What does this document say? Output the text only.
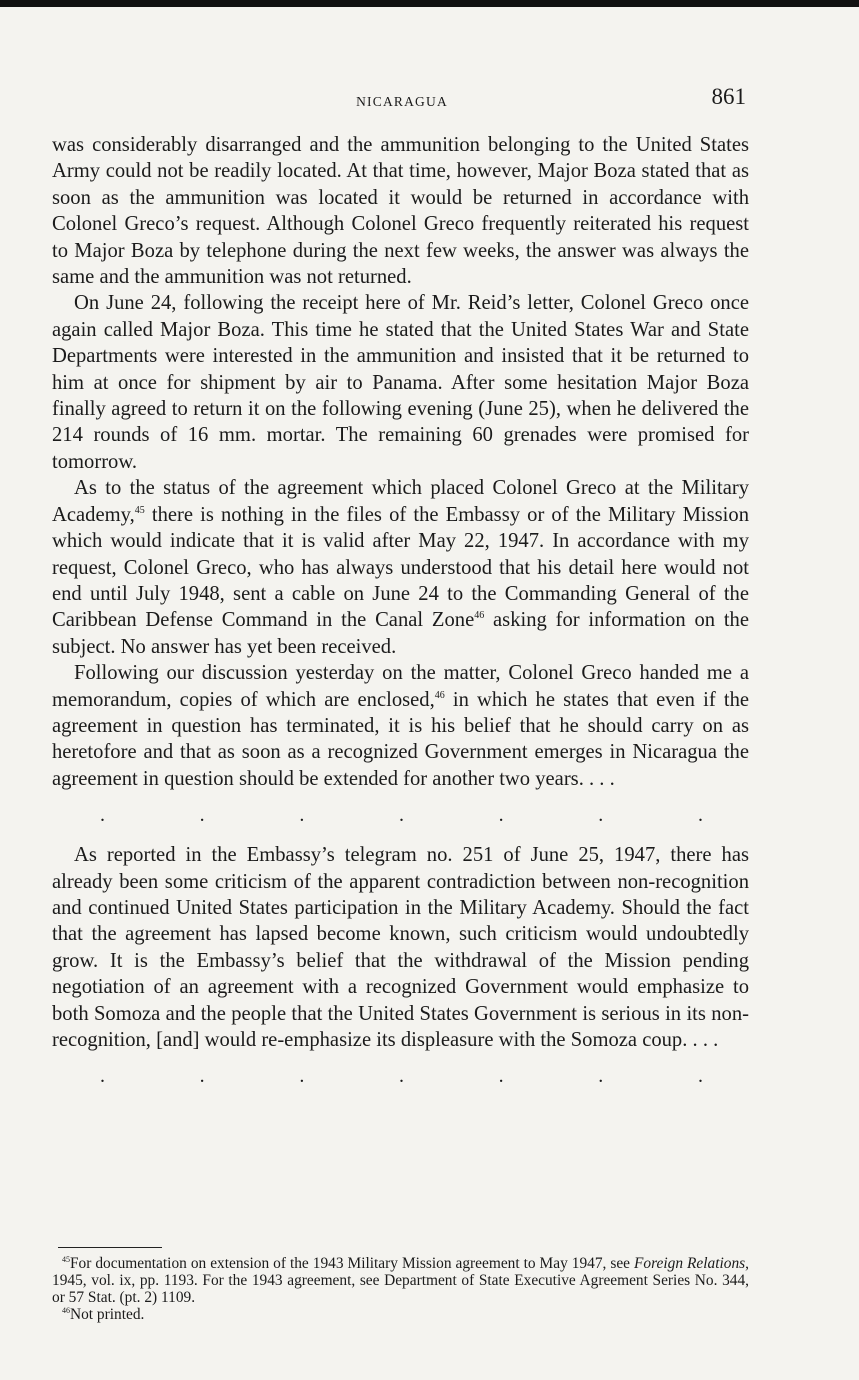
NICARAGUA	861

was considerably disarranged and the ammunition belonging to the United States Army could not be readily located. At that time, however, Major Boza stated that as soon as the ammunition was located it would be returned in accordance with Colonel Greco’s request. Although Colonel Greco frequently reiterated his request to Major Boza by telephone during the next few weeks, the answer was always the same and the ammunition was not returned.

On June 24, following the receipt here of Mr. Reid’s letter, Colonel Greco once again called Major Boza. This time he stated that the United States War and State Departments were interested in the ammunition and insisted that it be returned to him at once for shipment by air to Panama. After some hesitation Major Boza finally agreed to return it on the following evening (June 25), when he delivered the 214 rounds of 16 mm. mortar. The remaining 60 grenades were promised for tomorrow.

As to the status of the agreement which placed Colonel Greco at the Military Academy,$^{45}$ there is nothing in the files of the Embassy or of the Military Mission which would indicate that it is valid after May 22, 1947. In accordance with my request, Colonel Greco, who has always understood that his detail here would not end until July 1948, sent a cable on June 24 to the Commanding General of the Caribbean Defense Command in the Canal Zone$^{46}$ asking for information on the subject. No answer has yet been received.

Following our discussion yesterday on the matter, Colonel Greco handed me a memorandum, copies of which are enclosed,$^{46}$ in which he states that even if the agreement in question has terminated, it is his belief that he should carry on as heretofore and that as soon as a recognized Government emerges in Nicaragua the agreement in question should be extended for another two years. . . .

.	.	.	.	.	.	.

As reported in the Embassy’s telegram no. 251 of June 25, 1947, there has already been some criticism of the apparent contradiction between non-recognition and continued United States participation in the Military Academy. Should the fact that the agreement has lapsed become known, such criticism would undoubtedly grow. It is the Embassy’s belief that the withdrawal of the Mission pending negotiation of an agreement with a recognized Government would emphasize to both Somoza and the people that the United States Government is serious in its non-recognition, [and] would re-emphasize its displeasure with the Somoza coup. . . .

.	.	.	.	.	.	.

$^{45}$For documentation on extension of the 1943 Military Mission agreement to May 1947, see Foreign Relations, 1945, vol. ix, pp. 1193. For the 1943 agreement, see Department of State Executive Agreement Series No. 344, or 57 Stat. (pt. 2) 1109.

$^{46}$Not printed.
